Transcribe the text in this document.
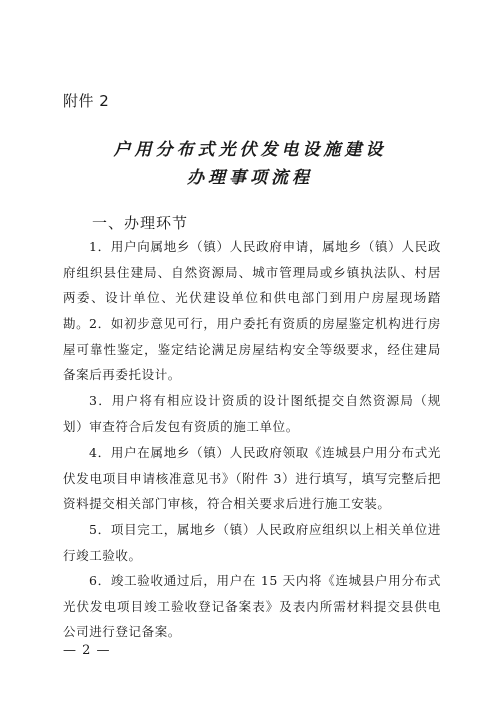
附件 2
户用分布式光伏发电设施建设
办理事项流程
一、办理环节
1．用户向属地乡（镇）人民政府申请，属地乡（镇）人民政府组织县住建局、自然资源局、城市管理局或乡镇执法队、村居两委、设计单位、光伏建设单位和供电部门到用户房屋现场踏勘。 2．如初步意见可行，用户委托有资质的房屋鉴定机构进行房屋可靠性鉴定，鉴定结论满足房屋结构安全等级要求，经住建局备案后再委托设计。
3．用户将有相应设计资质的设计图纸提交自然资源局（规划）审查符合后发包有资质的施工单位。
4．用户在属地乡（镇）人民政府领取《连城县户用分布式光伏发电项目申请核准意见书》（附件 3）进行填写，填写完整后把资料提交相关部门审核，符合相关要求后进行施工安装。
5．项目完工，属地乡（镇）人民政府应组织以上相关单位进行竣工验收。
6．竣工验收通过后，用户在 15 天内将《连城县户用分布式光伏发电项目竣工验收登记备案表》及表内所需材料提交县供电公司进行登记备案。
— 2 —
